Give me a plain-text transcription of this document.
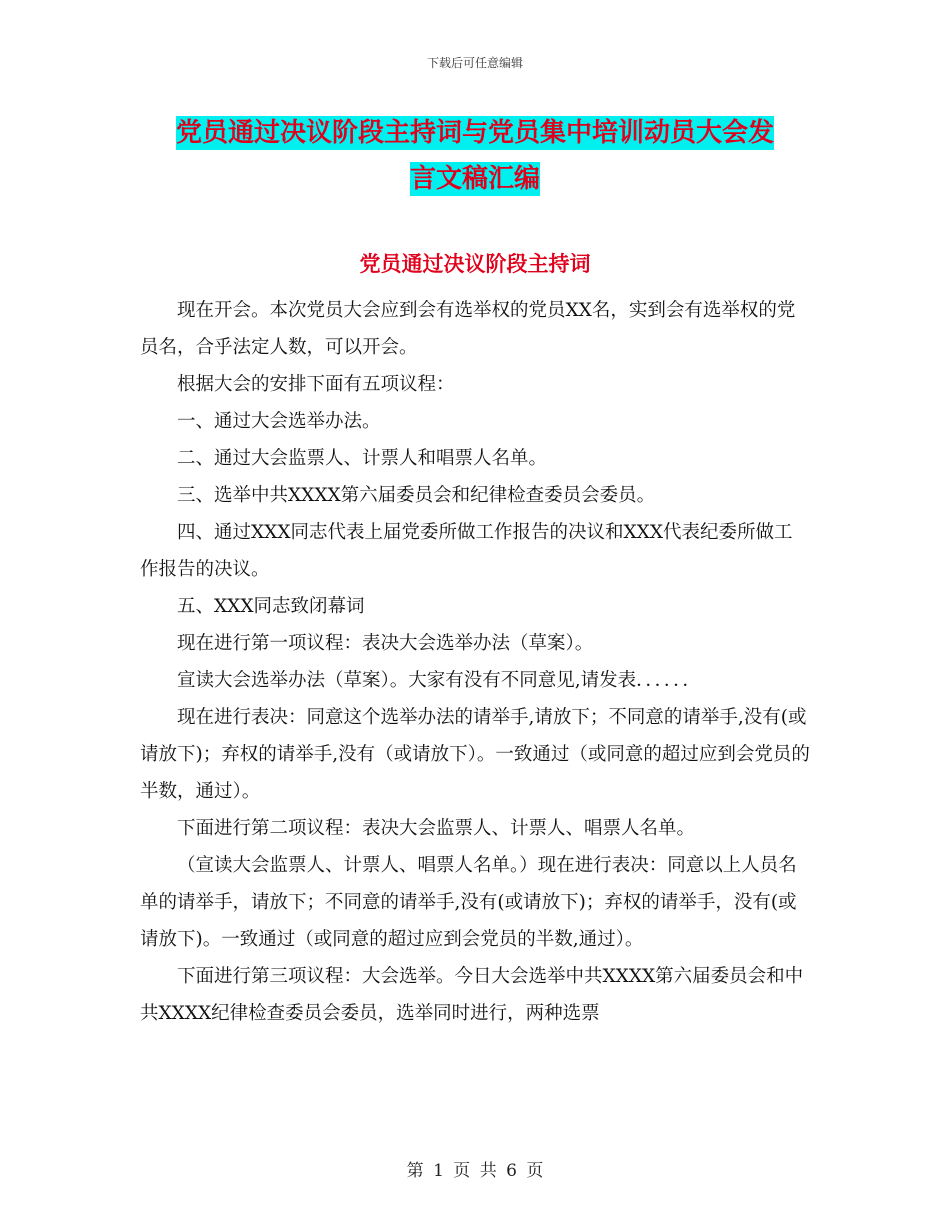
下载后可任意编辑
党员通过决议阶段主持词与党员集中培训动员大会发
言文稿汇编
党员通过决议阶段主持词

现在开会。本次党员大会应到会有选举权的党员XX名，实到会有选举权的党员名，合乎法定人数，可以开会。

根据大会的安排下面有五项议程：

一、通过大会选举办法。

二、通过大会监票人、计票人和唱票人名单。

三、选举中共XXXX第六届委员会和纪律检查委员会委员。

四、通过XXX同志代表上届党委所做工作报告的决议和XXX代表纪委所做工作报告的决议。

五、XXX同志致闭幕词

现在进行第一项议程：表决大会选举办法（草案）。

宣读大会选举办法（草案）。大家有没有不同意见,请发表．．．．．．

现在进行表决：同意这个选举办法的请举手,请放下；不同意的请举手,没有(或请放下)；弃权的请举手,没有（或请放下）。一致通过（或同意的超过应到会党员的半数，通过）。

下面进行第二项议程：表决大会监票人、计票人、唱票人名单。

（宣读大会监票人、计票人、唱票人名单。）现在进行表决：同意以上人员名单的请举手，请放下；不同意的请举手,没有(或请放下)；弃权的请举手，没有(或请放下)。一致通过（或同意的超过应到会党员的半数,通过）。

下面进行第三项议程：大会选举。今日大会选举中共XXXX第六届委员会和中共XXXX纪律检查委员会委员，选举同时进行，两种选票

第 1 页 共 6 页
